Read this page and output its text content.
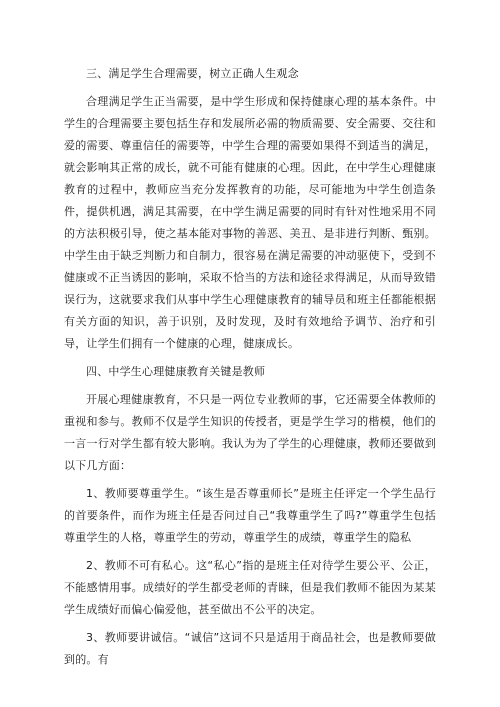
三、满足学生合理需要，树立正确人生观念

合理满足学生正当需要，是中学生形成和保持健康心理的基本条件。中学生的合理需要主要包括生存和发展所必需的物质需要、安全需要、交往和爱的需要、尊重信任的需要等，中学生合理的需要如果得不到适当的满足，就会影响其正常的成长，就不可能有健康的心理。因此，在中学生心理健康教育的过程中，教师应当充分发挥教育的功能，尽可能地为中学生创造条件，提供机遇，满足其需要，在中学生满足需要的同时有针对性地采用不同的方法积极引导，使之基本能对事物的善恶、美丑、是非进行判断、甄别。中学生由于缺乏判断力和自制力，很容易在满足需要的冲动驱使下，受到不健康或不正当诱因的影响，采取不恰当的方法和途径求得满足，从而导致错误行为，这就要求我们从事中学生心理健康教育的辅导员和班主任都能根据有关方面的知识，善于识别，及时发现，及时有效地给予调节、治疗和引导，让学生们拥有一个健康的心理，健康成长。

四、中学生心理健康教育关键是教师

开展心理健康教育，不只是一两位专业教师的事，它还需要全体教师的重视和参与。教师不仅是学生知识的传授者，更是学生学习的楷模，他们的一言一行对学生都有较大影响。我认为为了学生的心理健康，教师还要做到以下几方面：

1、教师要尊重学生。“该生是否尊重师长”是班主任评定一个学生品行的首要条件，而作为班主任是否问过自己“我尊重学生了吗?”尊重学生包括尊重学生的人格，尊重学生的劳动，尊重学生的成绩，尊重学生的隐私

2、教师不可有私心。这“私心”指的是班主任对待学生要公平、公正，不能感情用事。成绩好的学生都受老师的青睐，但是我们教师不能因为某某学生成绩好而偏心偏爱他，甚至做出不公平的决定。

3、教师要讲诚信。“诚信”这词不只是适用于商品社会，也是教师要做到的。有
